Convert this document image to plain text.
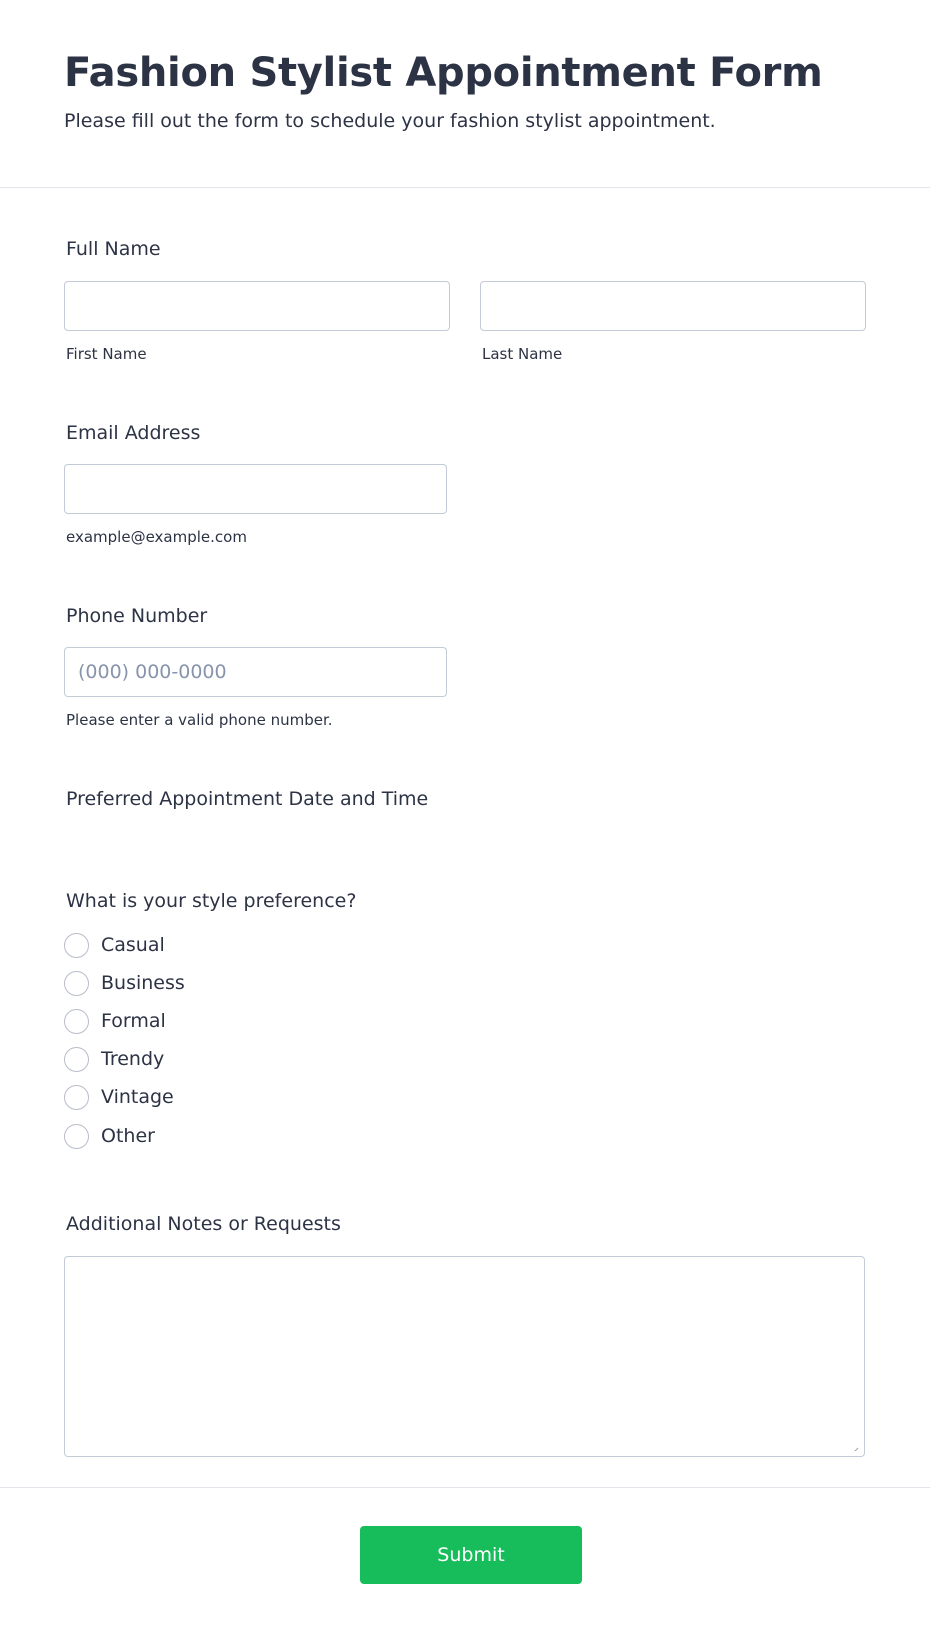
Fashion Stylist Appointment Form

Please fill out the form to schedule your fashion stylist appointment.

Full Name
First Name	Last Name
Email Address
example@example.com
Phone Number
(000) 000-0000
Please enter a valid phone number.
Preferred Appointment Date and Time
What is your style preference?
Casual
Business
Formal
Trendy
Vintage
Other
Additional Notes or Requests
Submit
